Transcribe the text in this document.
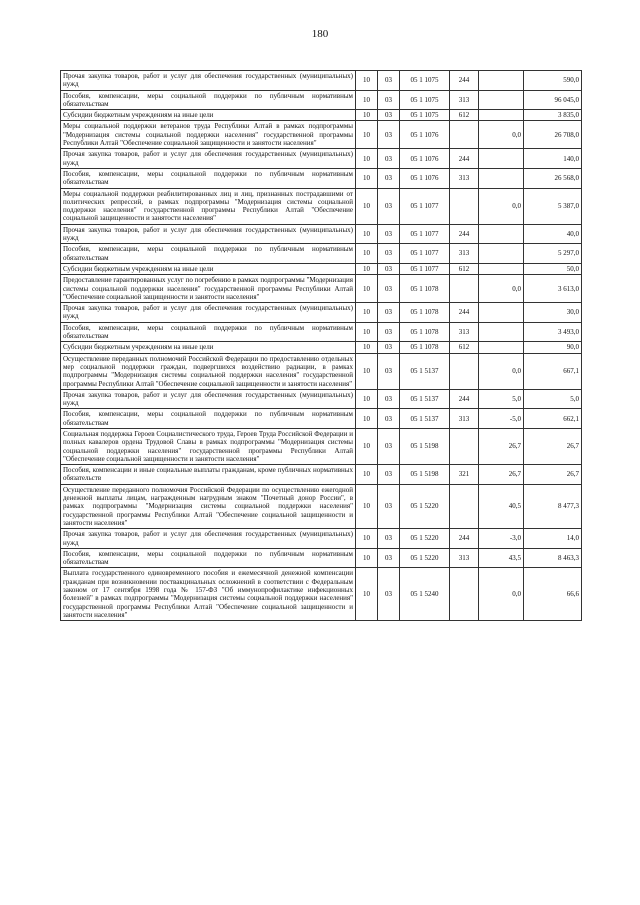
180
Прочая закупка товаров, работ и услуг для обеспечения государственных (муниципальных) нужд	10	03	05 1 1075	244		590,0
Пособия, компенсации, меры социальной поддержки по публичным нормативным обязательствам	10	03	05 1 1075	313		96 045,0
Субсидии бюджетным учреждениям на иные цели	10	03	05 1 1075	612		3 835,0
Меры социальной поддержки ветеранов труда Республики Алтай в рамках подпрограммы "Модернизация системы социальной поддержки населения" государственной программы Республики Алтай "Обеспечение социальной защищенности и занятости населения"	10	03	05 1 1076		0,0	26 708,0
Прочая закупка товаров, работ и услуг для обеспечения государственных (муниципальных) нужд	10	03	05 1 1076	244		140,0
Пособия, компенсации, меры социальной поддержки по публичным нормативным обязательствам	10	03	05 1 1076	313		26 568,0
Меры социальной поддержки реабилитированных лиц и лиц, признанных пострадавшими от политических репрессий, в рамках подпрограммы "Модернизация системы социальной поддержки населения" государственной программы Республики Алтай "Обеспечение социальной защищенности и занятости населения"	10	03	05 1 1077		0,0	5 387,0
Прочая закупка товаров, работ и услуг для обеспечения государственных (муниципальных) нужд	10	03	05 1 1077	244		40,0
Пособия, компенсации, меры социальной поддержки по публичным нормативным обязательствам	10	03	05 1 1077	313		5 297,0
Субсидии бюджетным учреждениям на иные цели	10	03	05 1 1077	612		50,0
Предоставление гарантированных услуг по погребению в рамках подпрограммы "Модернизация системы социальной поддержки населения" государственной программы Республики Алтай "Обеспечение социальной защищенности и занятости населения"	10	03	05 1 1078		0,0	3 613,0
Прочая закупка товаров, работ и услуг для обеспечения государственных (муниципальных) нужд	10	03	05 1 1078	244		30,0
Пособия, компенсации, меры социальной поддержки по публичным нормативным обязательствам	10	03	05 1 1078	313		3 493,0
Субсидии бюджетным учреждениям на иные цели	10	03	05 1 1078	612		90,0
Осуществление переданных полномочий Российской Федерации по предоставлению отдельных мер социальной поддержки граждан, подвергшихся воздействию радиации, в рамках подпрограммы "Модернизация системы социальной поддержки населения" государственной программы Республики Алтай "Обеспечение социальной защищенности и занятости населения"	10	03	05 1 5137		0,0	667,1
Прочая закупка товаров, работ и услуг для обеспечения государственных (муниципальных) нужд	10	03	05 1 5137	244	5,0	5,0
Пособия, компенсации, меры социальной поддержки по публичным нормативным обязательствам	10	03	05 1 5137	313	-5,0	662,1
Социальная поддержка Героев Социалистического труда, Героев Труда Российской Федерации и полных кавалеров ордена Трудовой Славы в рамках подпрограммы "Модернизация системы социальной поддержки населения" государственной программы Республики Алтай "Обеспечение социальной защищенности и занятости населения"	10	03	05 1 5198		26,7	26,7
Пособия, компенсации и иные социальные выплаты гражданам, кроме публичных нормативных обязательств	10	03	05 1 5198	321	26,7	26,7
Осуществление переданного полномочия Российской Федерации по осуществлению ежегодной денежной выплаты лицам, награжденным нагрудным знаком "Почетный донор России", в рамках подпрограммы "Модернизация системы социальной поддержки населения" государственной программы Республики Алтай "Обеспечение социальной защищенности и занятости населения"	10	03	05 1 5220		40,5	8 477,3
Прочая закупка товаров, работ и услуг для обеспечения государственных (муниципальных) нужд	10	03	05 1 5220	244	-3,0	14,0
Пособия, компенсации, меры социальной поддержки по публичным нормативным обязательствам	10	03	05 1 5220	313	43,5	8 463,3
Выплата государственного единовременного пособия и ежемесячной денежной компенсации гражданам при возникновении поствакцинальных осложнений в соответствии с Федеральным законом от 17 сентября 1998 года № 157-ФЗ "Об иммунопрофилактике инфекционных болезней" в рамках подпрограммы "Модернизация системы социальной поддержки населения" государственной программы Республики Алтай "Обеспечение социальной защищенности и занятости населения"	10	03	05 1 5240		0,0	66,6
